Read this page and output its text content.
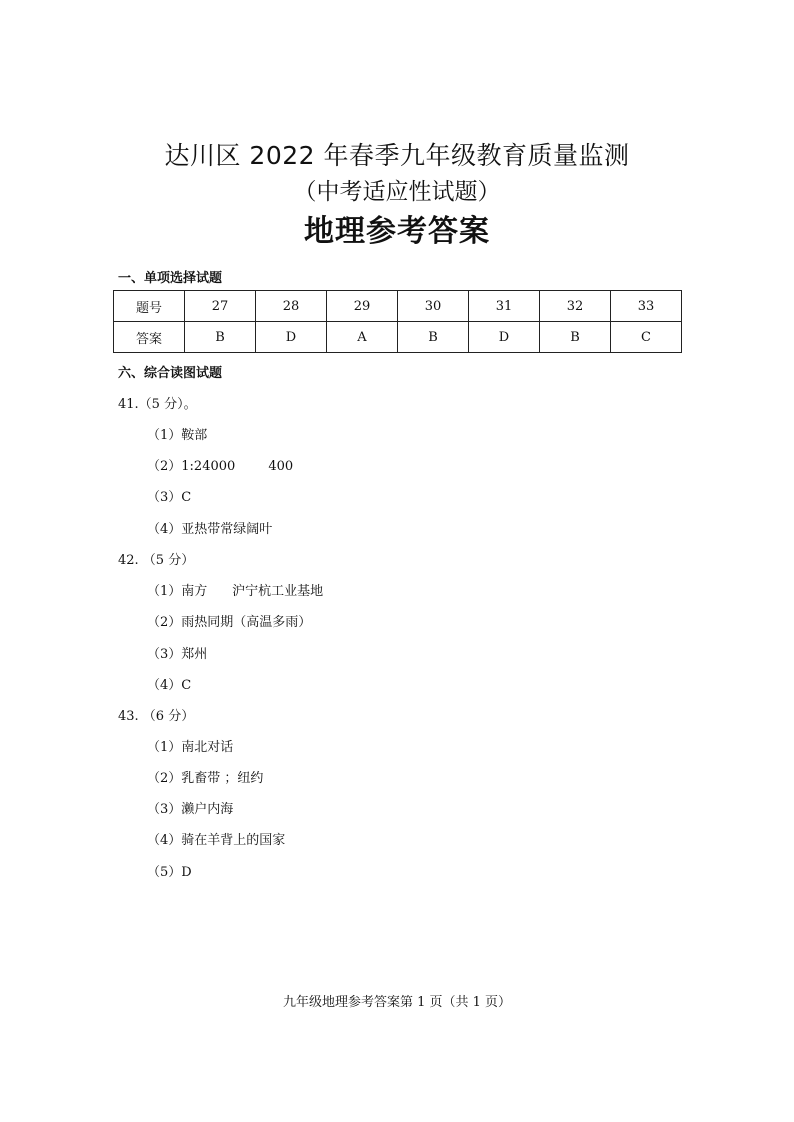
达川区 2022 年春季九年级教育质量监测
（中考适应性试题）
地理参考答案
一、单项选择试题
题号	27	28	29	30	31	32	33
答案	B	D	A	B	D	B	C
六、综合读图试题
41.（5 分）。
（1）鞍部
（2）1:24000        400
（3）C
（4）亚热带常绿阔叶
42. （5 分）
（1）南方      沪宁杭工业基地
（2）雨热同期（高温多雨）
（3）郑州
（4）C
43. （6 分）
（1）南北对话
（2）乳畜带 ；纽约
（3）濑户内海
（4）骑在羊背上的国家
（5）D
九年级地理参考答案第 1 页（共 1 页）
